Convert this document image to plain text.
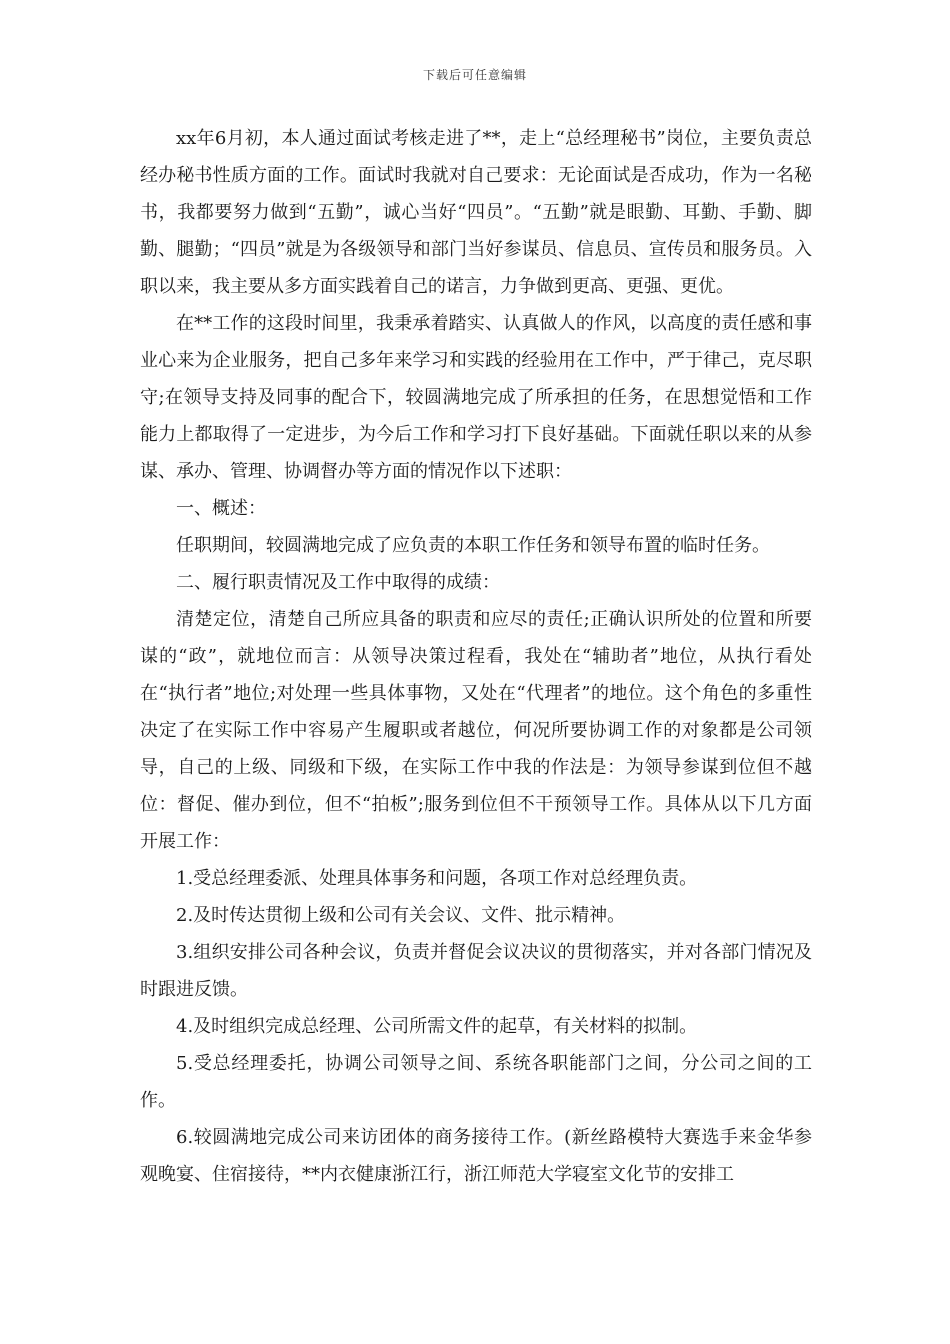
下载后可任意编辑

xx年6月初，本人通过面试考核走进了**，走上“总经理秘书”岗位，主要负责总经办秘书性质方面的工作。面试时我就对自己要求：无论面试是否成功，作为一名秘书，我都要努力做到“五勤”，诚心当好“四员”。“五勤”就是眼勤、耳勤、手勤、脚勤、腿勤；“四员”就是为各级领导和部门当好参谋员、信息员、宣传员和服务员。入职以来，我主要从多方面实践着自己的诺言，力争做到更高、更强、更优。

在**工作的这段时间里，我秉承着踏实、认真做人的作风，以高度的责任感和事业心来为企业服务，把自己多年来学习和实践的经验用在工作中，严于律己，克尽职守;在领导支持及同事的配合下，较圆满地完成了所承担的任务，在思想觉悟和工作能力上都取得了一定进步，为今后工作和学习打下良好基础。下面就任职以来的从参谋、承办、管理、协调督办等方面的情况作以下述职：

一、概述：

任职期间，较圆满地完成了应负责的本职工作任务和领导布置的临时任务。

二、履行职责情况及工作中取得的成绩：

清楚定位，清楚自己所应具备的职责和应尽的责任;正确认识所处的位置和所要谋的“政”，就地位而言：从领导决策过程看，我处在“辅助者”地位，从执行看处在“执行者”地位;对处理一些具体事物，又处在“代理者”的地位。这个角色的多重性决定了在实际工作中容易产生履职或者越位，何况所要协调工作的对象都是公司领导，自己的上级、同级和下级，在实际工作中我的作法是：为领导参谋到位但不越位：督促、催办到位，但不“拍板”;服务到位但不干预领导工作。具体从以下几方面开展工作：

1.受总经理委派、处理具体事务和问题，各项工作对总经理负责。

2.及时传达贯彻上级和公司有关会议、文件、批示精神。

3.组织安排公司各种会议，负责并督促会议决议的贯彻落实，并对各部门情况及时跟进反馈。

4.及时组织完成总经理、公司所需文件的起草，有关材料的拟制。

5.受总经理委托，协调公司领导之间、系统各职能部门之间，分公司之间的工作。

6.较圆满地完成公司来访团体的商务接待工作。(新丝路模特大赛选手来金华参观晚宴、住宿接待，**内衣健康浙江行，浙江师范大学寝室文化节的安排工
